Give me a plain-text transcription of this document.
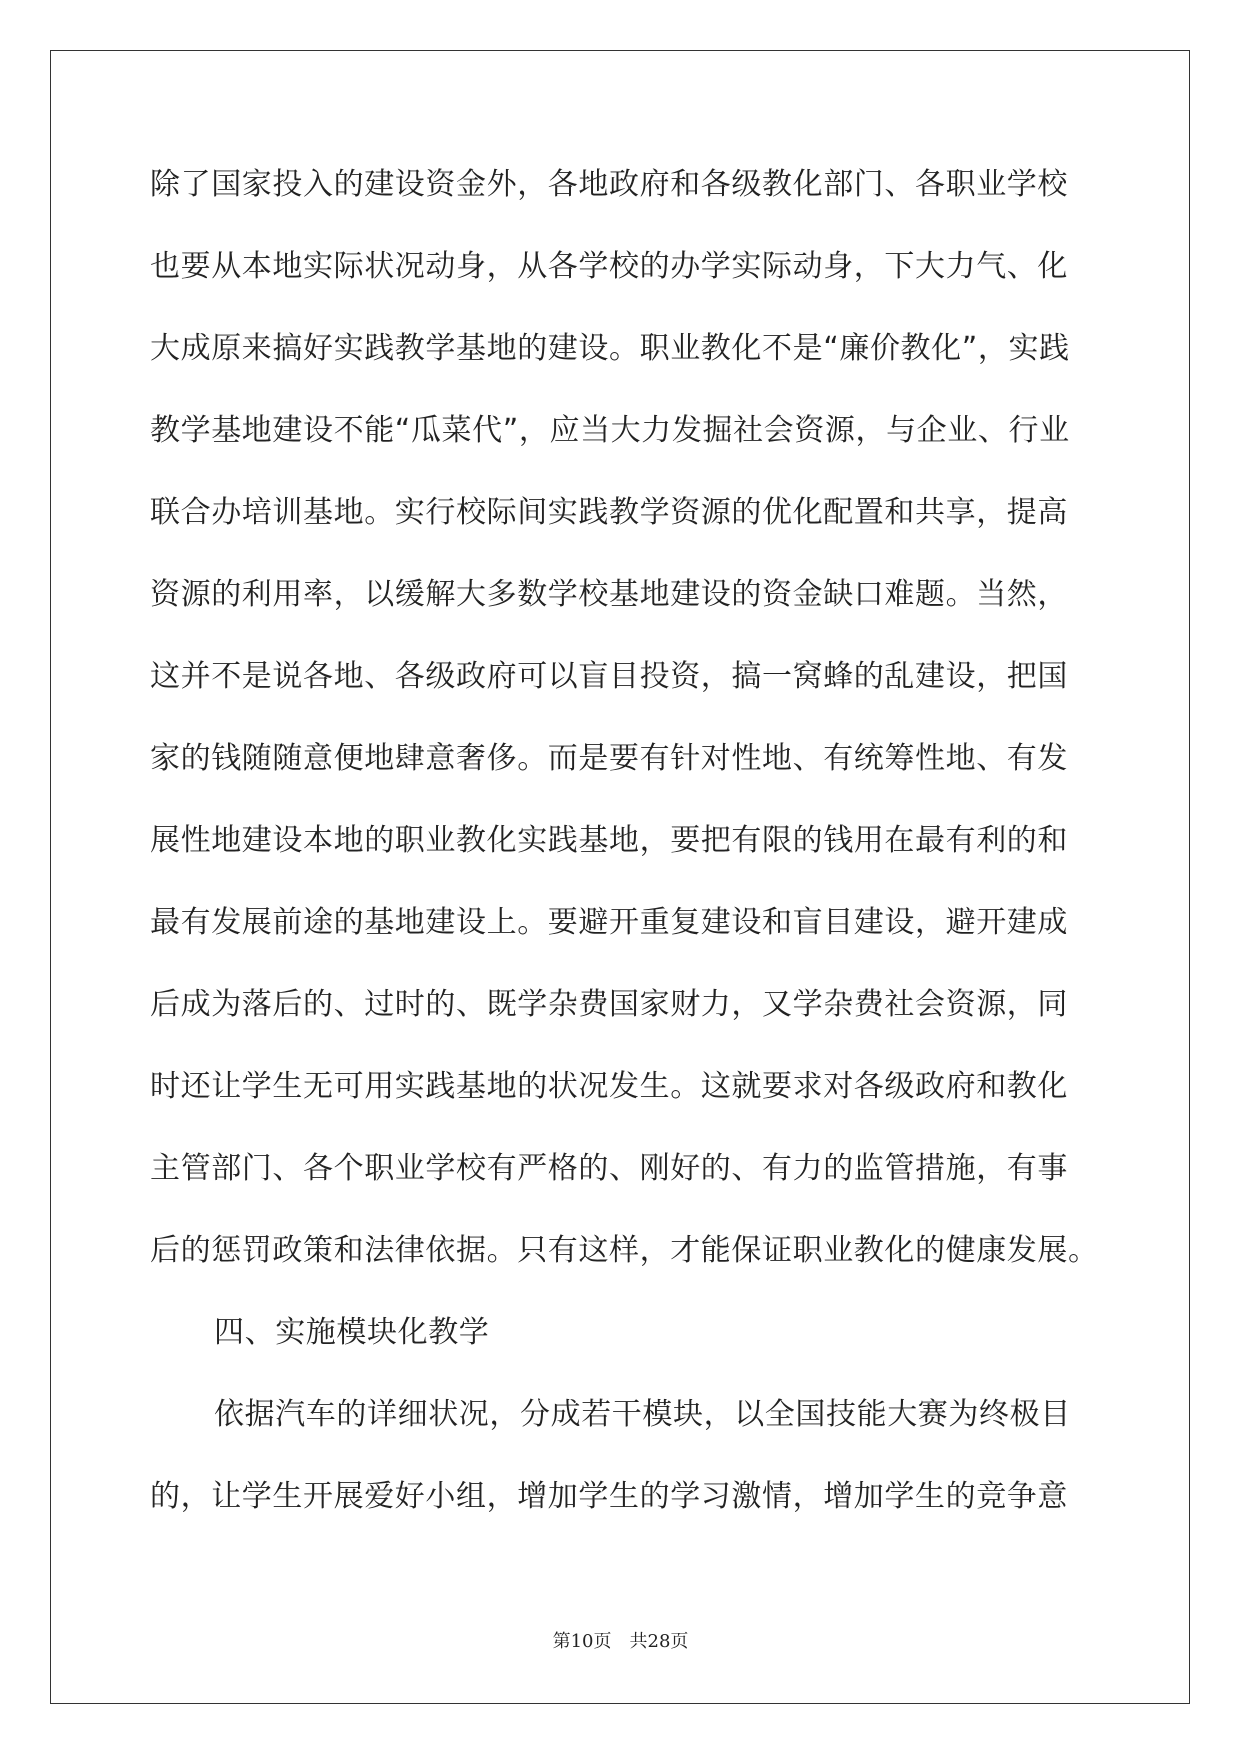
除了国家投入的建设资金外，各地政府和各级教化部门、各职业学校
也要从本地实际状况动身，从各学校的办学实际动身，下大力气、化
大成原来搞好实践教学基地的建设。职业教化不是“廉价教化”，实践
教学基地建设不能“瓜菜代”，应当大力发掘社会资源，与企业、行业
联合办培训基地。实行校际间实践教学资源的优化配置和共享，提高
资源的利用率，以缓解大多数学校基地建设的资金缺口难题。当然，
这并不是说各地、各级政府可以盲目投资，搞一窝蜂的乱建设，把国
家的钱随随意便地肆意奢侈。而是要有针对性地、有统筹性地、有发
展性地建设本地的职业教化实践基地，要把有限的钱用在最有利的和
最有发展前途的基地建设上。要避开重复建设和盲目建设，避开建成
后成为落后的、过时的、既学杂费国家财力，又学杂费社会资源，同
时还让学生无可用实践基地的状况发生。这就要求对各级政府和教化
主管部门、各个职业学校有严格的、刚好的、有力的监管措施，有事
后的惩罚政策和法律依据。只有这样，才能保证职业教化的健康发展。
四、实施模块化教学
依据汽车的详细状况，分成若干模块，以全国技能大赛为终极目
的，让学生开展爱好小组，增加学生的学习激情，增加学生的竞争意
第10页 共28页
